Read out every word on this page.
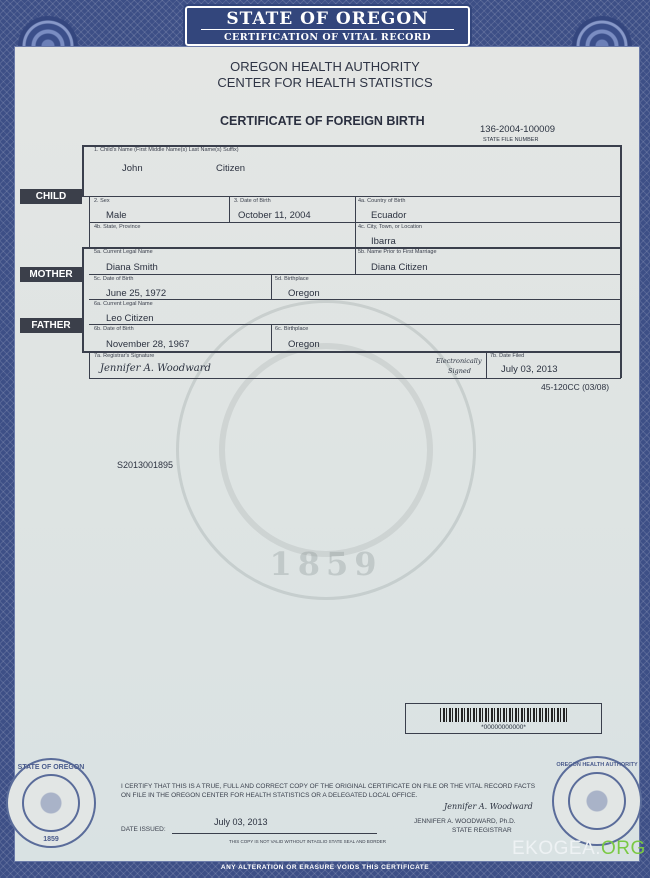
STATE OF OREGON
CERTIFICATION OF VITAL RECORD
1859
OREGON HEALTH AUTHORITY
CENTER FOR HEALTH STATISTICS
CERTIFICATE OF FOREIGN BIRTH
136-2004-100009
STATE FILE NUMBER
CHILD
MOTHER
FATHER
1. Child's Name (First Middle Name(s) Last Name(s) Suffix)
John	Citizen
2. Sex
Male
3. Date of Birth
October 11, 2004
4a. Country of Birth
Ecuador
4b. State, Province	4c. City, Town, or Location
Ibarra
5a. Current Legal Name
Diana Smith
5b. Name Prior to First Marriage
Diana Citizen
5c. Date of Birth
June 25, 1972
5d. Birthplace
Oregon
6a. Current Legal Name
Leo Citizen
6b. Date of Birth
November 28, 1967
6c. Birthplace
Oregon
7a. Registrar's Signature
Jennifer A. Woodward
Electronically
Signed
7b. Date Filed
July 03, 2013
45-120CC (03/08)
S2013001895
*00000000000*
I CERTIFY THAT THIS IS A TRUE, FULL AND CORRECT COPY OF THE ORIGINAL CERTIFICATE ON FILE OR THE VITAL RECORD FACTS ON FILE IN THE OREGON CENTER FOR HEALTH STATISTICS OR A DELEGATED LOCAL OFFICE.
DATE ISSUED:
July 03, 2013
Jennifer A. Woodward
JENNIFER A. WOODWARD, Ph.D.
STATE REGISTRAR
THIS COPY IS NOT VALID WITHOUT INTAGLIO STATE SEAL AND BORDER
STATE OF OREGON
1859
OREGON HEALTH AUTHORITY
ANY ALTERATION OR ERASURE VOIDS THIS CERTIFICATE
EKOGEA.ORG
